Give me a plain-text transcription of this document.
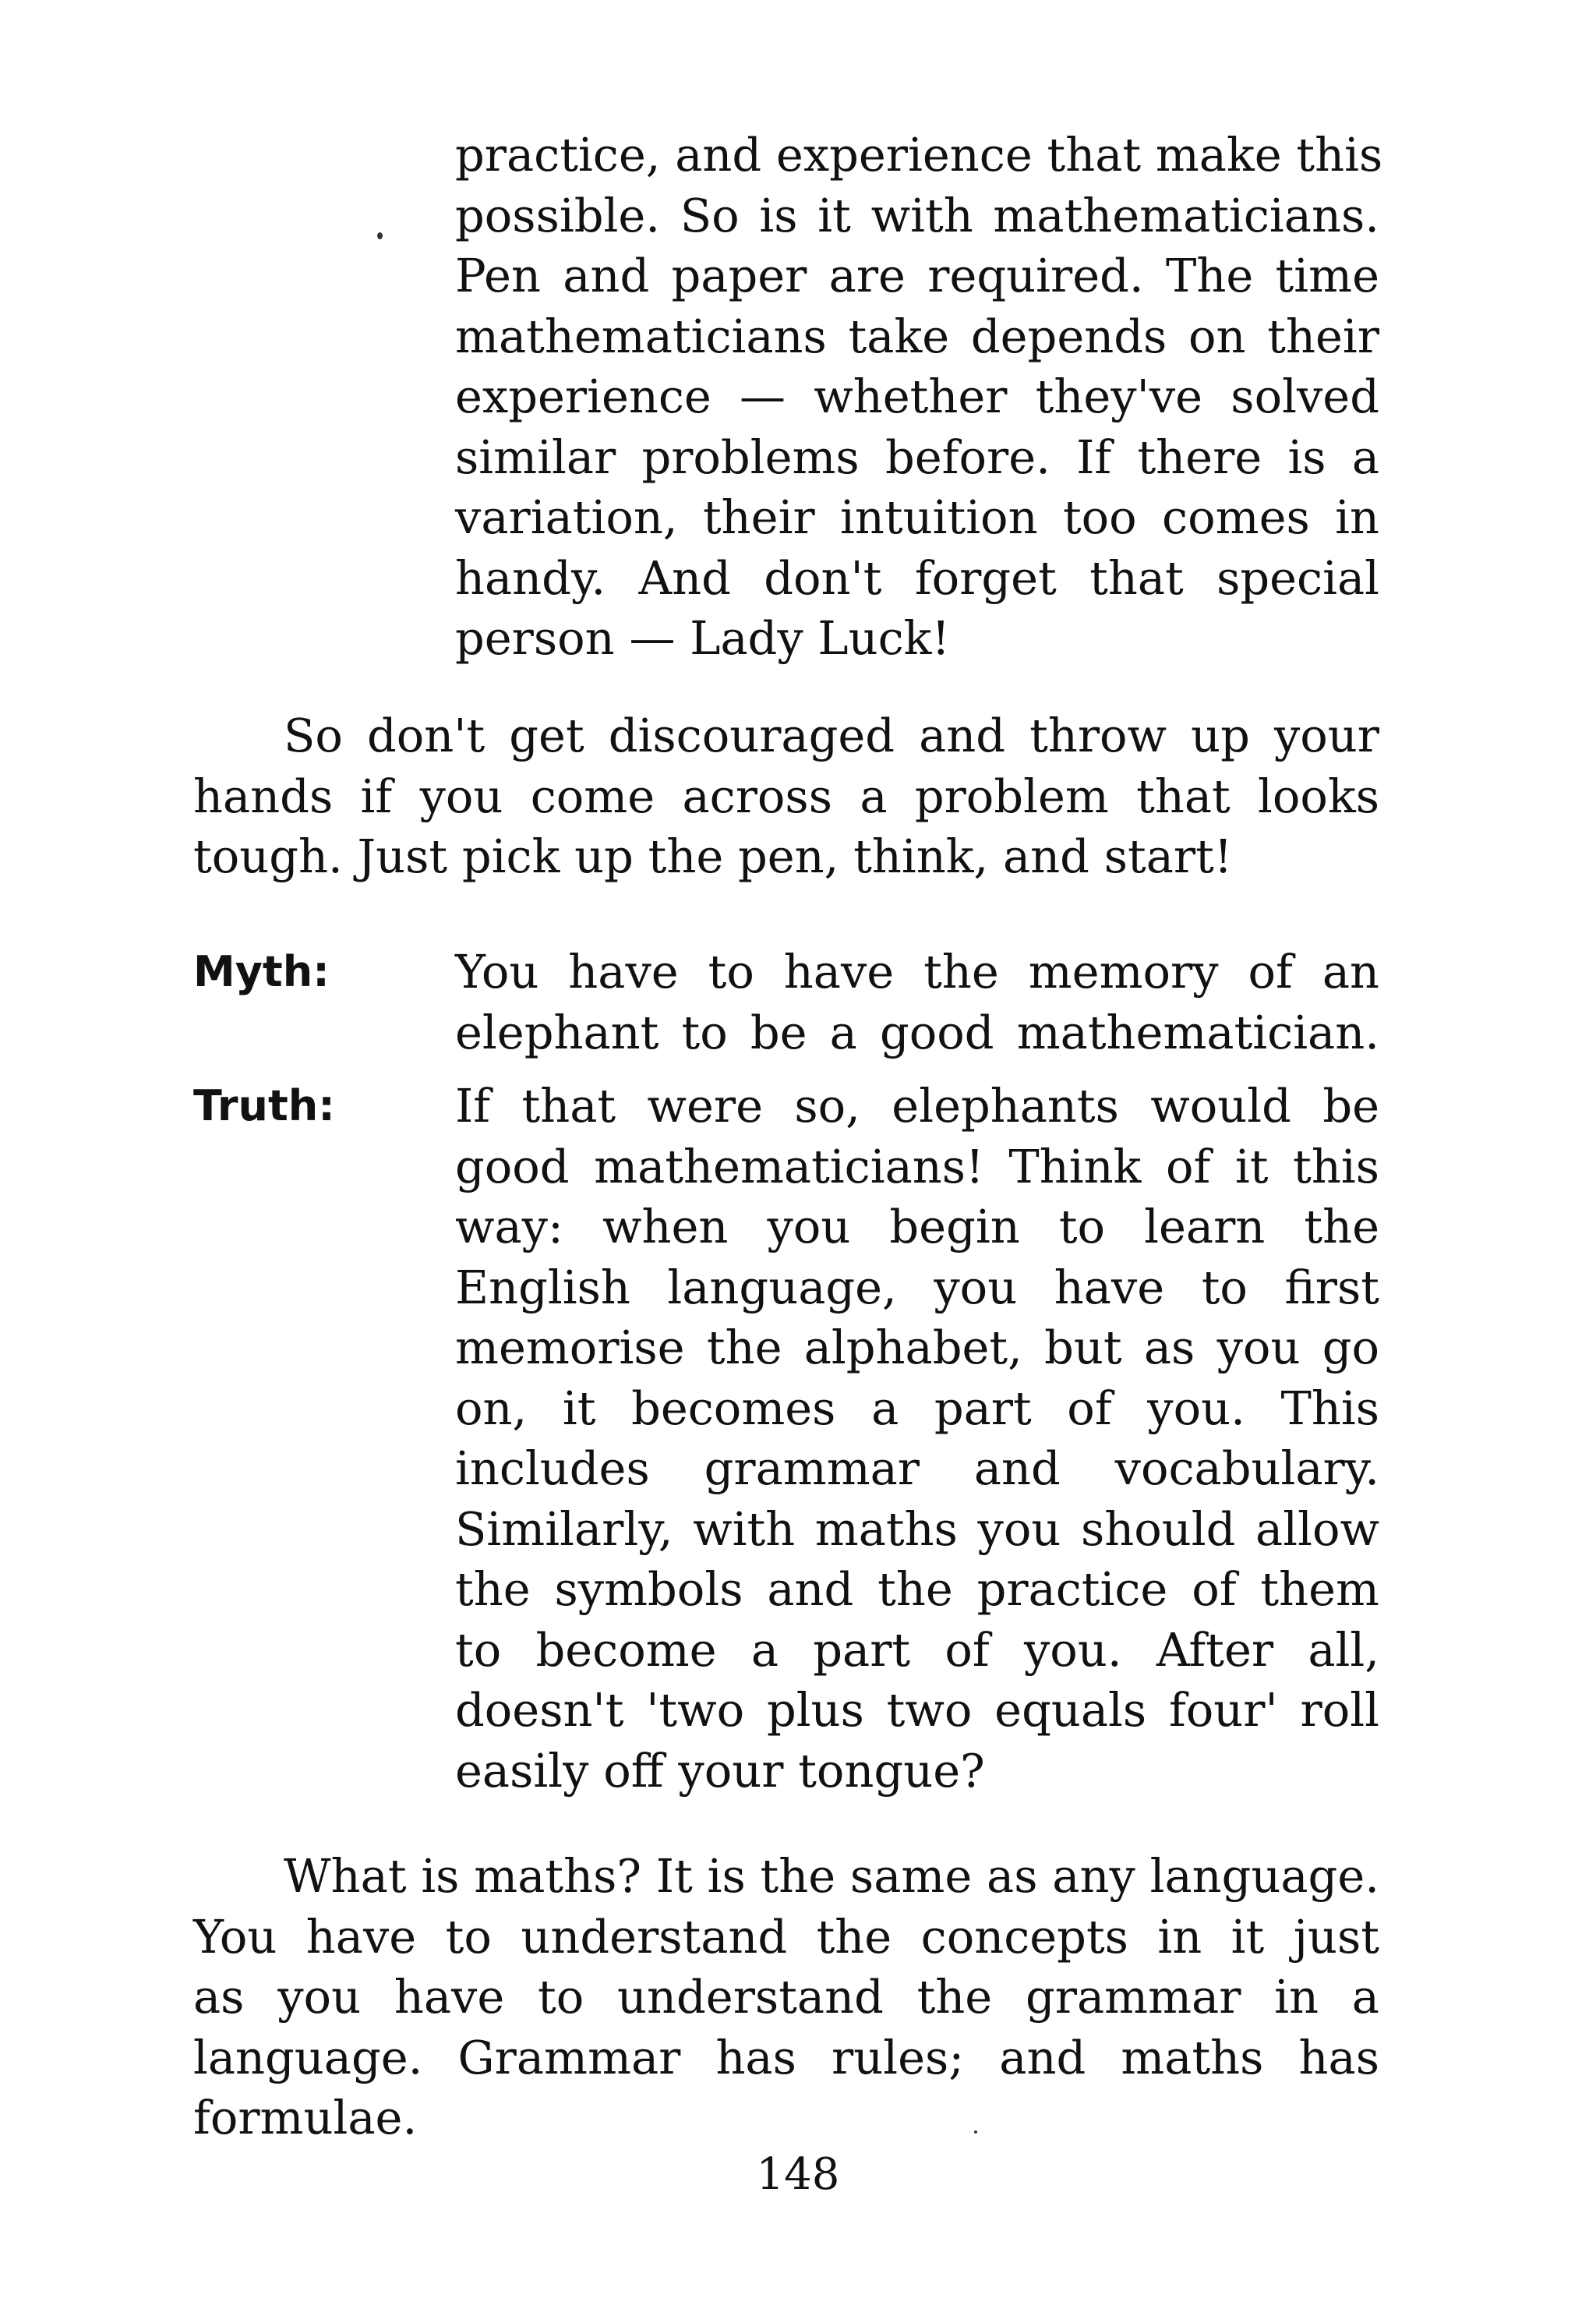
practice, and experience that make this
possible. So is it with mathematicians.
Pen and paper are required. The time
mathematicians take depends on their
experience — whether they've solved
similar problems before. If there is a
variation, their intuition too comes in
handy. And don't forget that special
person — Lady Luck!
So don't get discouraged and throw up your
hands if you come across a problem that looks
tough. Just pick up the pen, think, and start!
Myth:	You have to have the memory of an
elephant to be a good mathematician.
Truth:	If that were so, elephants would be
good mathematicians! Think of it this
way: when you begin to learn the
English language, you have to first
memorise the alphabet, but as you go
on, it becomes a part of you. This
includes grammar and vocabulary.
Similarly, with maths you should allow
the symbols and the practice of them
to become a part of you. After all,
doesn't 'two plus two equals four' roll
easily off your tongue?
What is maths? It is the same as any language.
You have to understand the concepts in it just
as you have to understand the grammar in a
language. Grammar has rules; and maths has
formulae.
148
